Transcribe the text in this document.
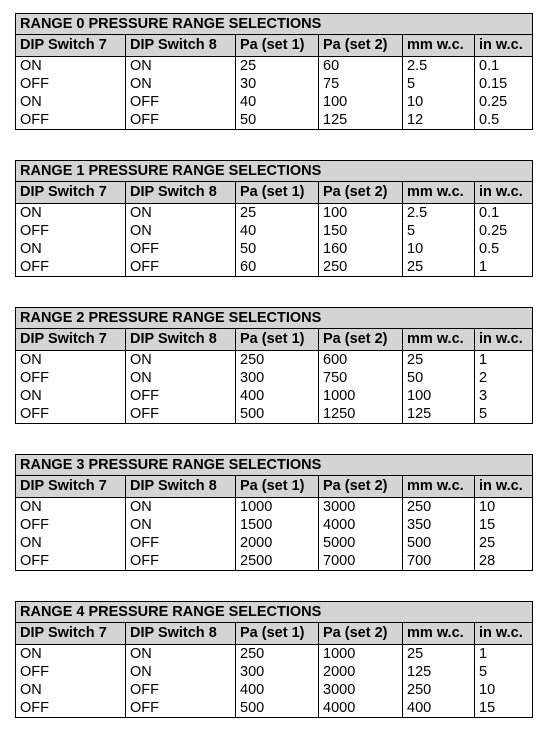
RANGE 0 PRESSURE RANGE SELECTIONS					
DIP Switch 7	DIP Switch 8	Pa (set 1)	Pa (set 2)	mm w.c.	in w.c.
ON	ON	25	60	2.5	0.1
OFF	ON	30	75	5	0.15
ON	OFF	40	100	10	0.25
OFF	OFF	50	125	12	0.5
RANGE 1 PRESSURE RANGE SELECTIONS					
DIP Switch 7	DIP Switch 8	Pa (set 1)	Pa (set 2)	mm w.c.	in w.c.
ON	ON	25	100	2.5	0.1
OFF	ON	40	150	5	0.25
ON	OFF	50	160	10	0.5
OFF	OFF	60	250	25	1
RANGE 2 PRESSURE RANGE SELECTIONS					
DIP Switch 7	DIP Switch 8	Pa (set 1)	Pa (set 2)	mm w.c.	in w.c.
ON	ON	250	600	25	1
OFF	ON	300	750	50	2
ON	OFF	400	1000	100	3
OFF	OFF	500	1250	125	5
RANGE 3 PRESSURE RANGE SELECTIONS					
DIP Switch 7	DIP Switch 8	Pa (set 1)	Pa (set 2)	mm w.c.	in w.c.
ON	ON	1000	3000	250	10
OFF	ON	1500	4000	350	15
ON	OFF	2000	5000	500	25
OFF	OFF	2500	7000	700	28
RANGE 4 PRESSURE RANGE SELECTIONS					
DIP Switch 7	DIP Switch 8	Pa (set 1)	Pa (set 2)	mm w.c.	in w.c.
ON	ON	250	1000	25	1
OFF	ON	300	2000	125	5
ON	OFF	400	3000	250	10
OFF	OFF	500	4000	400	15
